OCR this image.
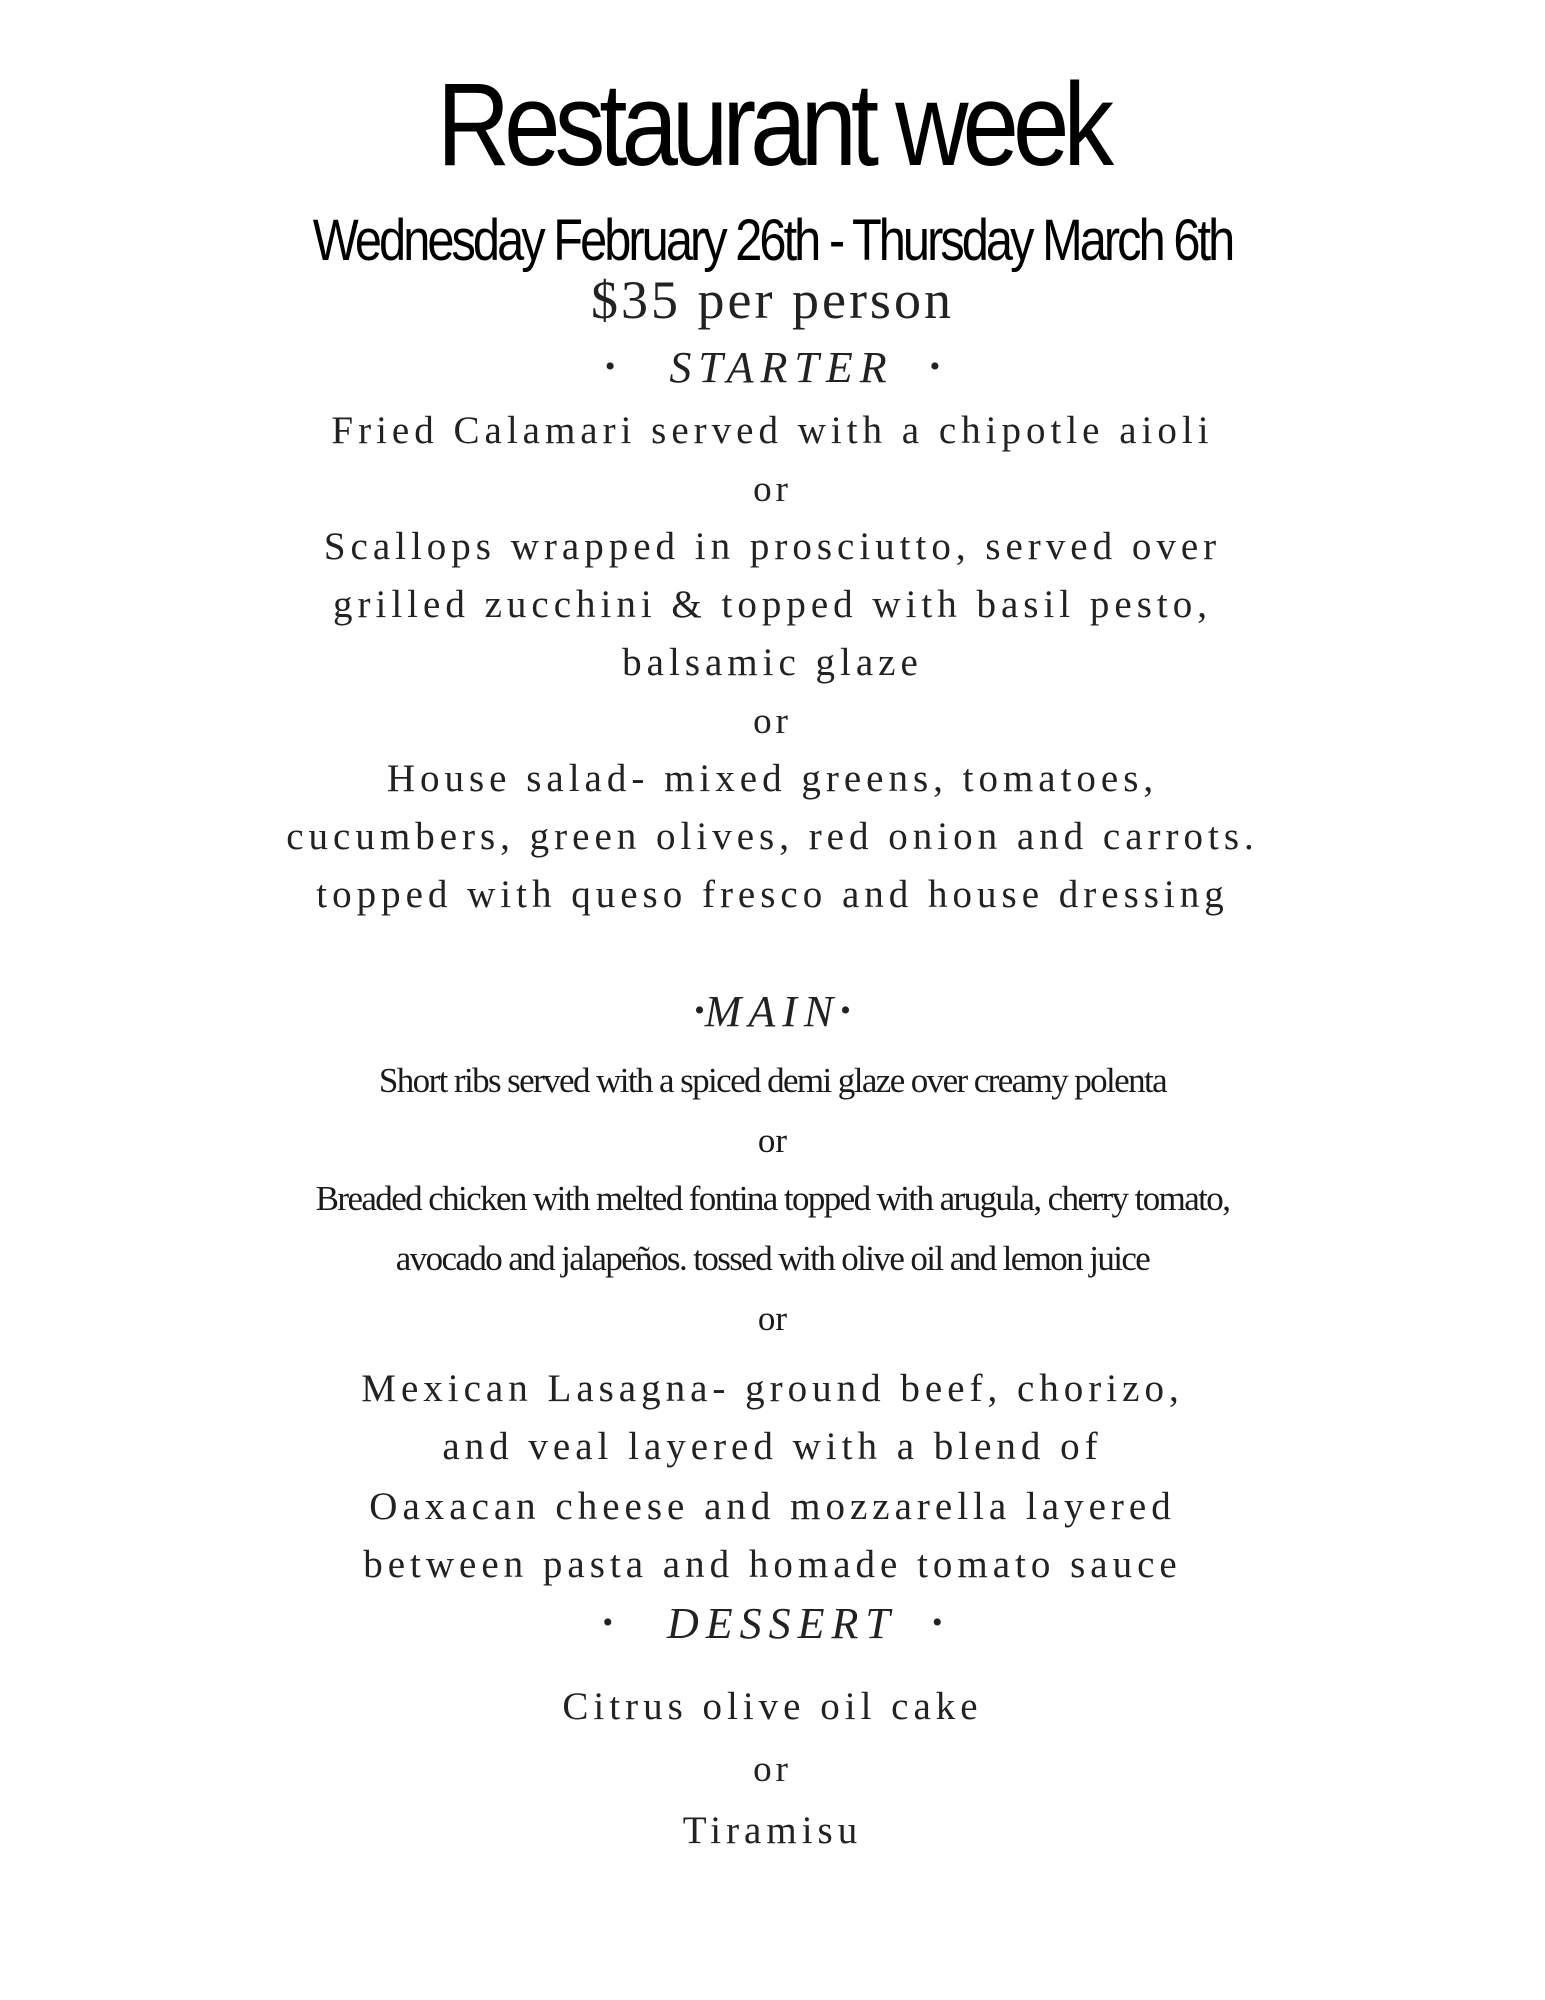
Restaurant week
Wednesday February 26th - Thursday March 6th
$35 per person
• STARTER •
Fried Calamari served with a chipotle aioli
or
Scallops wrapped in prosciutto, served over
grilled zucchini & topped with basil pesto,
balsamic glaze
or
House salad- mixed greens, tomatoes,
cucumbers, green olives, red onion and carrots.
topped with queso fresco and house dressing
•MAIN•
Short ribs served with a spiced demi glaze over creamy polenta
or
Breaded chicken with melted fontina topped with arugula, cherry tomato,
avocado and jalapeños. tossed with olive oil and lemon juice
or
Mexican Lasagna- ground beef, chorizo,
and veal layered with a blend of
Oaxacan cheese and mozzarella layered
between pasta and homade tomato sauce
• DESSERT •
Citrus olive oil cake
or
Tiramisu
